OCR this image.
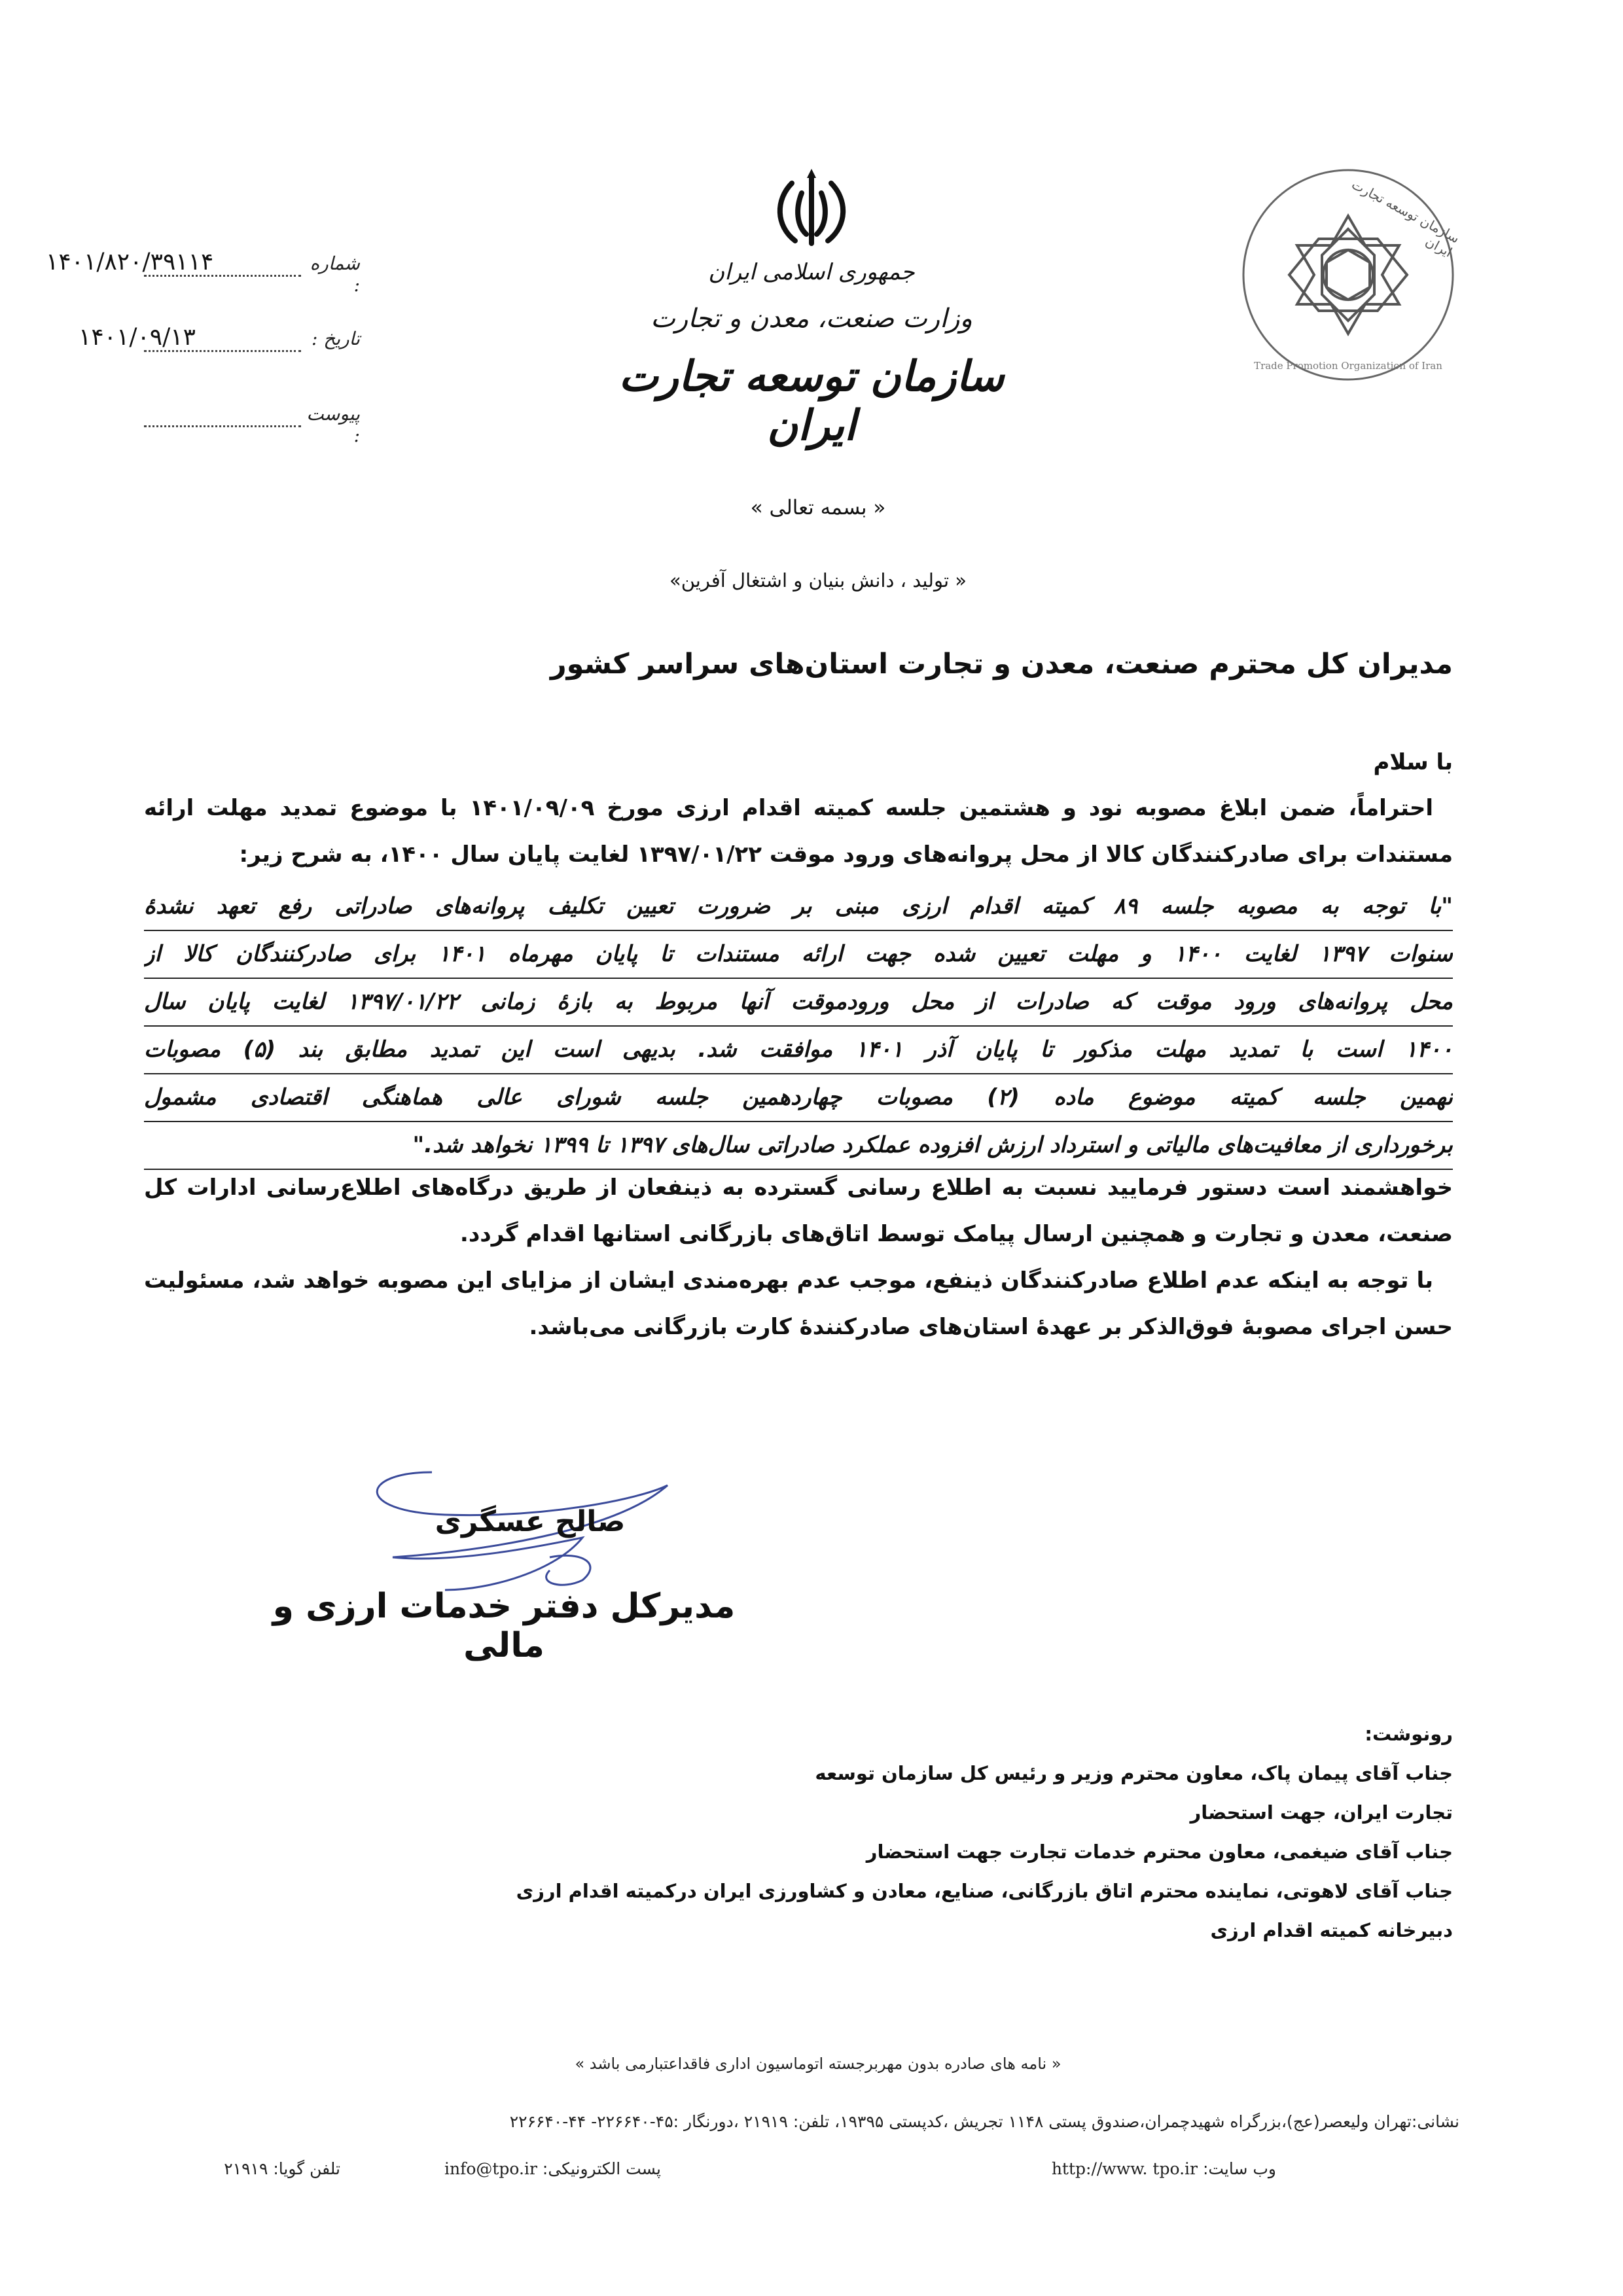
سازمان توسعه تجارت ایران
Trade Promotion Organization of Iran
جمهوری اسلامی ایران
وزارت صنعت، معدن و تجارت
سازمان توسعه تجارت ایران
شماره :
۱۴۰۱/۸۲۰/۳۹۱۱۴
تاریخ :
۱۴۰۱/۰۹/۱۳
پیوست :
« بسمه تعالی »
« تولید ، دانش بنیان و اشتغال آفرین»
مدیران کل محترم صنعت، معدن و تجارت استان‌های سراسر کشور
با سلام
احتراماً، ضمن ابلاغ مصوبه نود و هشتمین جلسه کمیته اقدام ارزی مورخ ۱۴۰۱/۰۹/۰۹ با موضوع تمدید مهلت ارائه مستندات برای صادرکنندگان کالا از محل پروانه‌های ورود موقت ۱۳۹۷/۰۱/۲۲ لغایت پایان سال ۱۴۰۰، به شرح زیر:
"با توجه به مصوبه جلسه ۸۹ کمیته اقدام ارزی مبنی بر ضرورت تعیین تکلیف پروانه‌های صادراتی رفع تعهد نشدهٔ
سنوات ۱۳۹۷ لغایت ۱۴۰۰ و مهلت تعیین شده جهت ارائه مستندات تا پایان مهرماه ۱۴۰۱ برای صادرکنندگان کالا از
محل پروانه‌های ورود موقت که صادرات از محل ورودموقت آنها مربوط به بازهٔ زمانی ۱۳۹۷/۰۱/۲۲ لغایت پایان سال
۱۴۰۰ است با تمدید مهلت مذکور تا پایان آذر ۱۴۰۱ موافقت شد. بدیهی است این تمدید مطابق بند (۵) مصوبات
نهمین جلسه کمیته موضوع ماده (۲) مصوبات چهاردهمین جلسه شورای عالی هماهنگی اقتصادی مشمول
برخورداری از معافیت‌های مالیاتی و استرداد ارزش افزوده عملکرد صادراتی سال‌های ۱۳۹۷ تا ۱۳۹۹ نخواهد شد."
خواهشمند است دستور فرمایید نسبت به اطلاع رسانی گسترده به ذینفعان از طریق درگاه‌های اطلاع‌رسانی ادارات کل صنعت، معدن و تجارت و همچنین ارسال پیامک توسط اتاق‌های بازرگانی استانها اقدام گردد.
با توجه به اینکه عدم اطلاع صادرکنندگان ذینفع، موجب عدم بهره‌مندی ایشان از مزایای این مصوبه خواهد شد، مسئولیت حسن اجرای مصوبهٔ فوق‌الذکر بر عهدهٔ استان‌های صادرکنندهٔ کارت بازرگانی می‌باشد.
صالح عسگری
مدیرکل دفتر خدمات ارزی و مالی
رونوشت:
جناب آقای پیمان پاک، معاون محترم وزیر و رئیس کل سازمان توسعه
تجارت ایران، جهت استحضار
جناب آقای ضیغمی، معاون محترم خدمات تجارت جهت استحضار
جناب آقای لاهوتی، نماینده محترم اتاق بازرگانی، صنایع، معادن و کشاورزی ایران درکمیته اقدام ارزی
دبیرخانه کمیته اقدام ارزی
« نامه های صادره بدون مهربرجسته اتوماسیون اداری فاقداعتبارمی باشد »
نشانی:تهران ولیعصر(عج)،بزرگراه شهیدچمران،صندوق پستی ۱۱۴۸ تجریش ،کدپستی ۱۹۳۹۵، تلفن: ۲۱۹۱۹ ،دورنگار :۴۵-۲۲۶۶۴۰- ۴۴-۲۲۶۶۴۰
وب سایت: http://www. tpo.ir
پست الکترونیکی: info@tpo.ir
تلفن گویا: ۲۱۹۱۹
